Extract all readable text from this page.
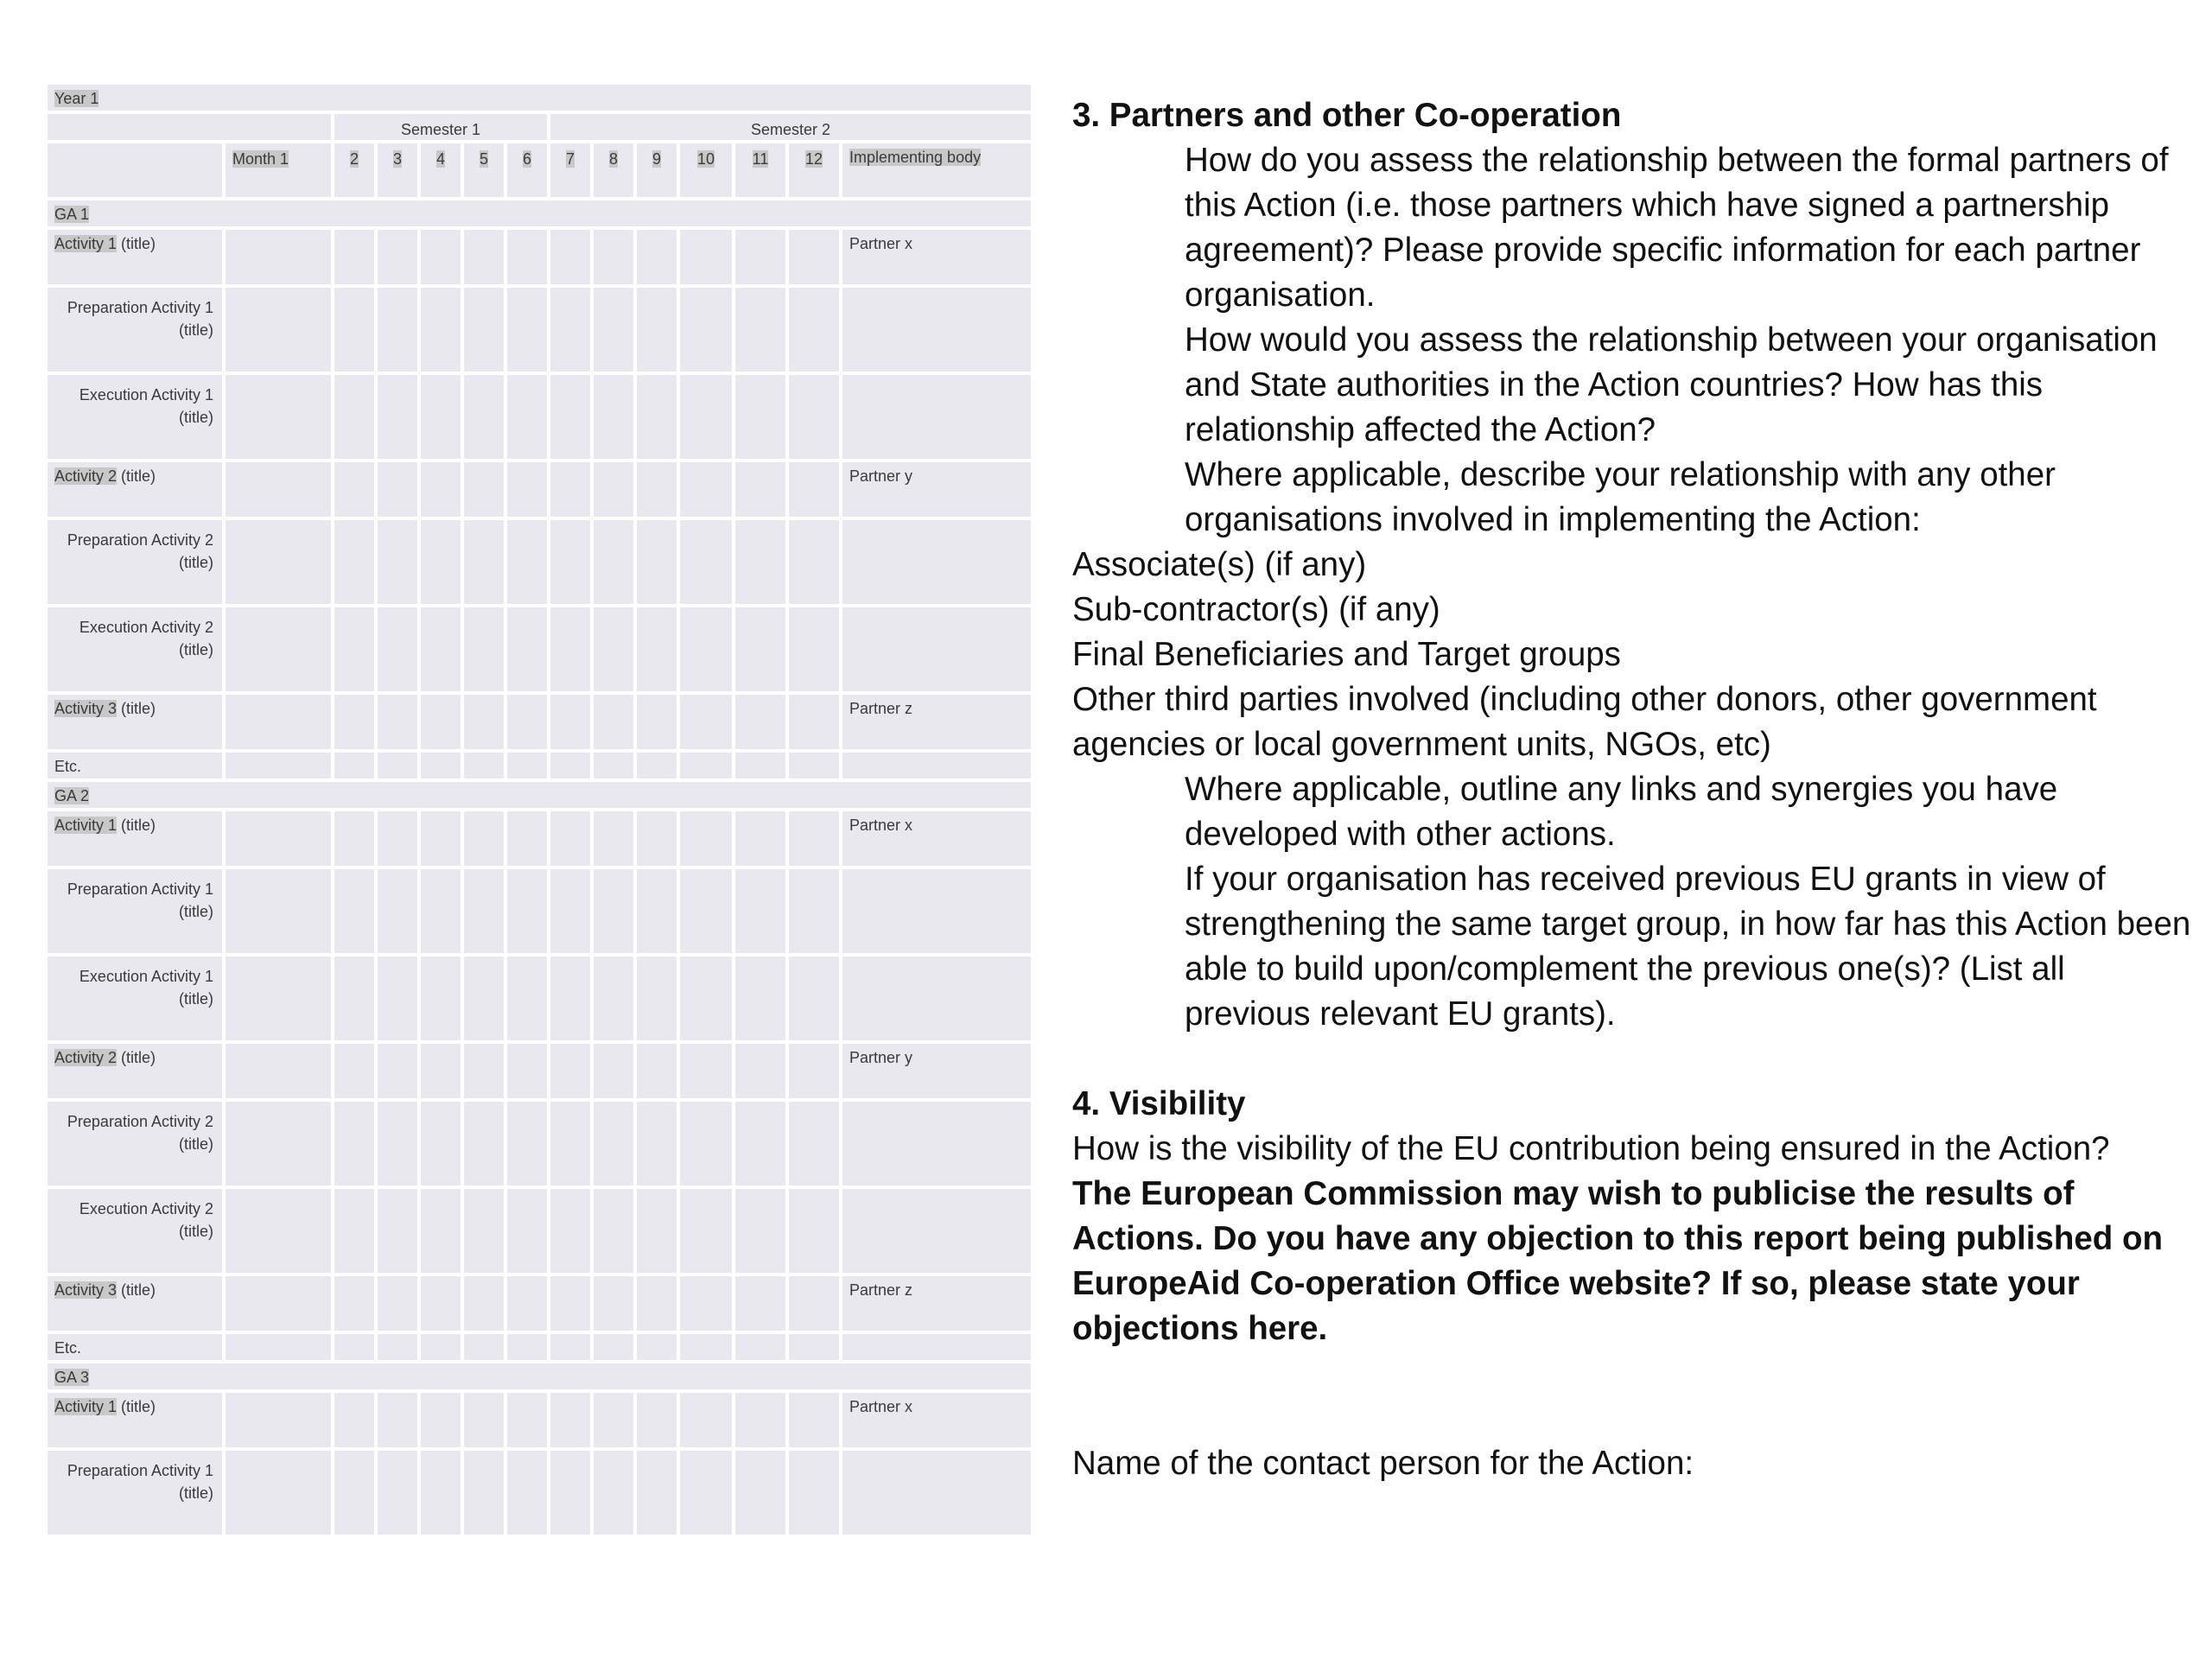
Year 1													
		Semester 1					Semester 2						
	Month 1	2	3	4	5	6	7	8	9	10	11	12	Implementing body
GA 1													
Activity 1 (title)													Partner x
Preparation Activity 1 (title)													
Execution Activity 1 (title)													
Activity 2 (title)													Partner y
Preparation Activity 2 (title)													
Execution Activity 2 (title)													
Activity 3 (title)													Partner z
Etc.													
GA 2													
Activity 1 (title)													Partner x
Preparation Activity 1 (title)													
Execution Activity 1 (title)													
Activity 2 (title)													Partner y
Preparation Activity 2 (title)													
Execution Activity 2 (title)													
Activity 3 (title)													Partner z
Etc.													
GA 3													
Activity 1 (title)													Partner x
Preparation Activity 1 (title)													

3. Partners and other Co-operation

How do you assess the relationship between the formal partners of this Action (i.e. those partners which have signed a partnership agreement)? Please provide specific information for each partner organisation.

How would you assess the relationship between your organisation and State authorities in the Action countries? How has this relationship affected the Action?

Where applicable, describe your relationship with any other organisations involved in implementing the Action:

Associate(s) (if any)

Sub-contractor(s) (if any)

Final Beneficiaries and Target groups

Other third parties involved (including other donors, other government agencies or local government units, NGOs, etc)

Where applicable, outline any links and synergies you have developed with other actions.

If your organisation has received previous EU grants in view of strengthening the same target group, in how far has this Action been able to build upon/complement the previous one(s)? (List all previous relevant EU grants).

4. Visibility

How is the visibility of the EU contribution being ensured in the Action?

The European Commission may wish to publicise the results of Actions. Do you have any objection to this report being published on EuropeAid Co-operation Office website? If so, please state your objections here.

Name of the contact person for the Action:
